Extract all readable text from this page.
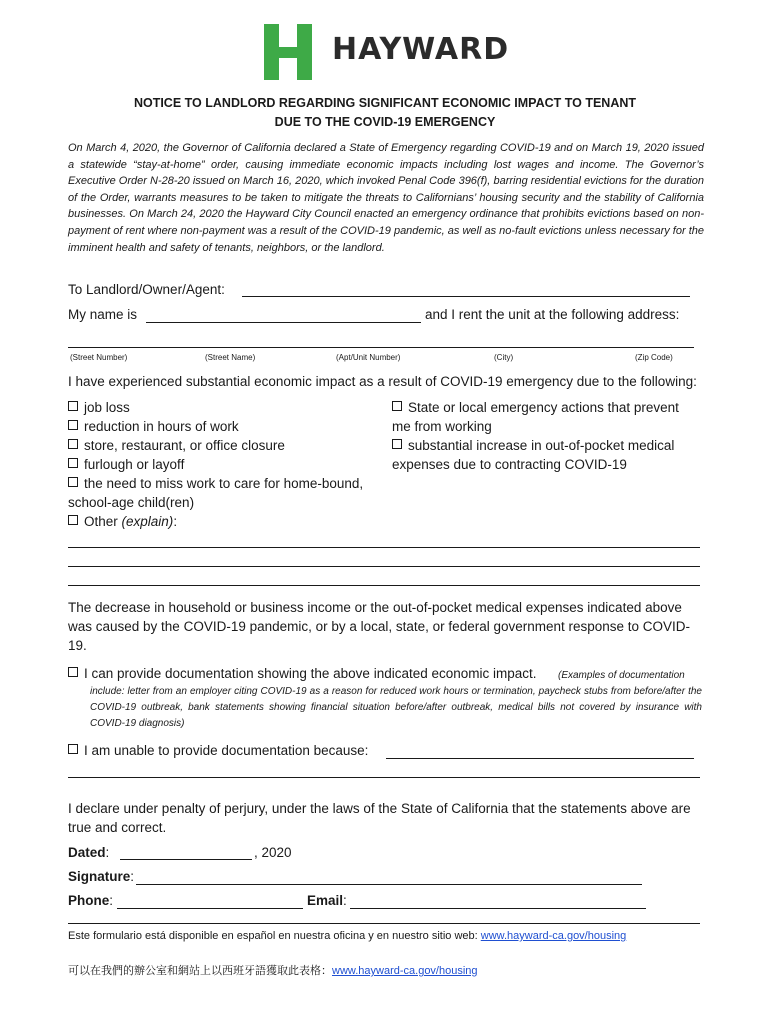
HAYWARD
NOTICE TO LANDLORD REGARDING SIGNIFICANT ECONOMIC IMPACT TO TENANT
DUE TO THE COVID-19 EMERGENCY
On March 4, 2020, the Governor of California declared a State of Emergency regarding COVID-19 and on March 19, 2020 issued a statewide “stay-at-home” order, causing immediate economic impacts including lost wages and income. The Governor’s Executive Order N-28-20 issued on March 16, 2020, which invoked Penal Code 396(f), barring residential evictions for the duration of the Order, warrants measures to be taken to mitigate the threats to Californians’ housing security and the stability of California businesses. On March 24, 2020 the Hayward City Council enacted an emergency ordinance that prohibits evictions based on non-payment of rent where non-payment was a result of the COVID-19 pandemic, as well as no-fault evictions unless necessary for the imminent health and safety of tenants, neighbors, or the landlord.
To Landlord/Owner/Agent:
My name is	and I rent the unit at the following address:
(Street Number)	(Street Name)	(Apt/Unit Number)	(City)	(Zip Code)
I have experienced substantial economic impact as a result of COVID-19 emergency due to the following:
job loss
reduction in hours of work
store, restaurant, or office closure
furlough or layoff
the need to miss work to care for home-bound,
school-age child(ren)
Other (explain):
State or local emergency actions that prevent
me from working
substantial increase in out-of-pocket medical
expenses due to contracting COVID-19
The decrease in household or business income or the out-of-pocket medical expenses indicated above was caused by the COVID-19 pandemic, or by a local, state, or federal government response to COVID-19.
I can provide documentation showing the above indicated economic impact. (Examples of documentation
include: letter from an employer citing COVID-19 as a reason for reduced work hours or termination, paycheck stubs from before/after the COVID-19 outbreak, bank statements showing financial situation before/after outbreak, medical bills not covered by insurance with COVID-19 diagnosis)
I am unable to provide documentation because:
I declare under penalty of perjury, under the laws of the State of California that the statements above are true and correct.
Dated:	, 2020
Signature:
Phone:	Email:
Este formulario está disponible en español en nuestra oficina y en nuestro sitio web: www.hayward-ca.gov/housing
可以在我們的辦公室和網站上以西班牙語獲取此表格：www.hayward-ca.gov/housing
